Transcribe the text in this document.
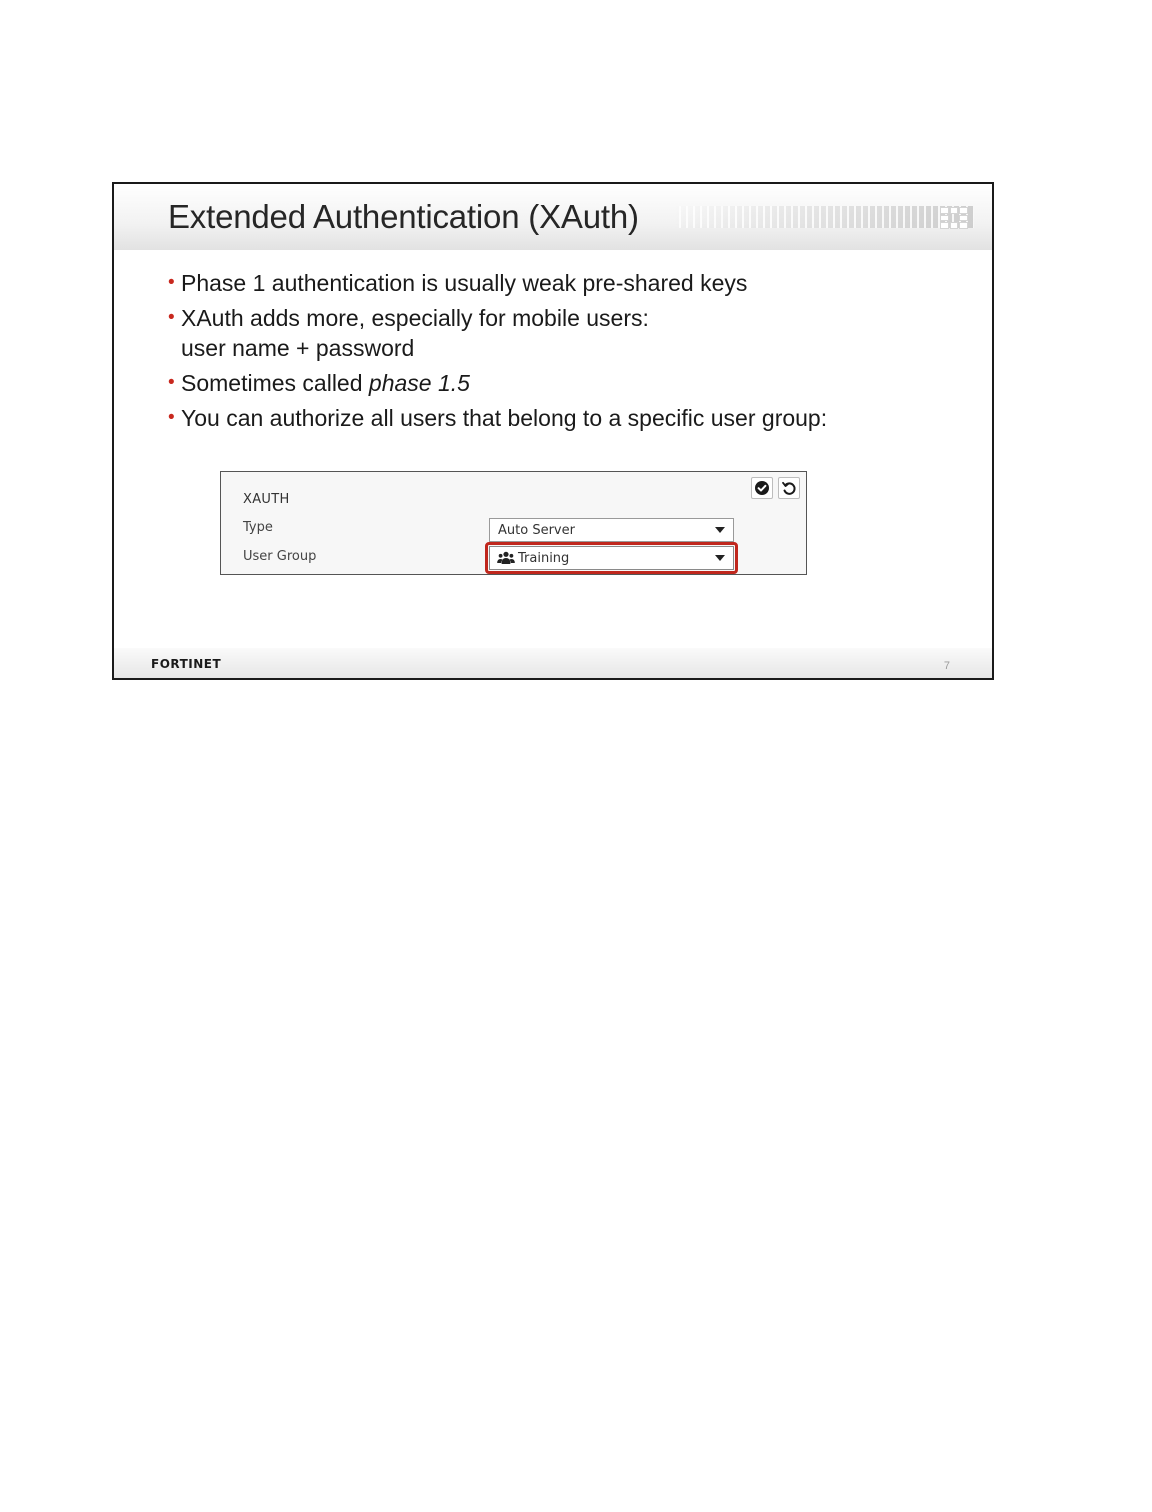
Extended Authentication (XAuth)
• Phase 1 authentication is usually weak pre-shared keys
• XAuth adds more, especially for mobile users:
user name + password
• Sometimes called phase 1.5
• You can authorize all users that belong to a specific user group:
XAUTH
Type	Auto Server
User Group	Training
FORTINET	7
